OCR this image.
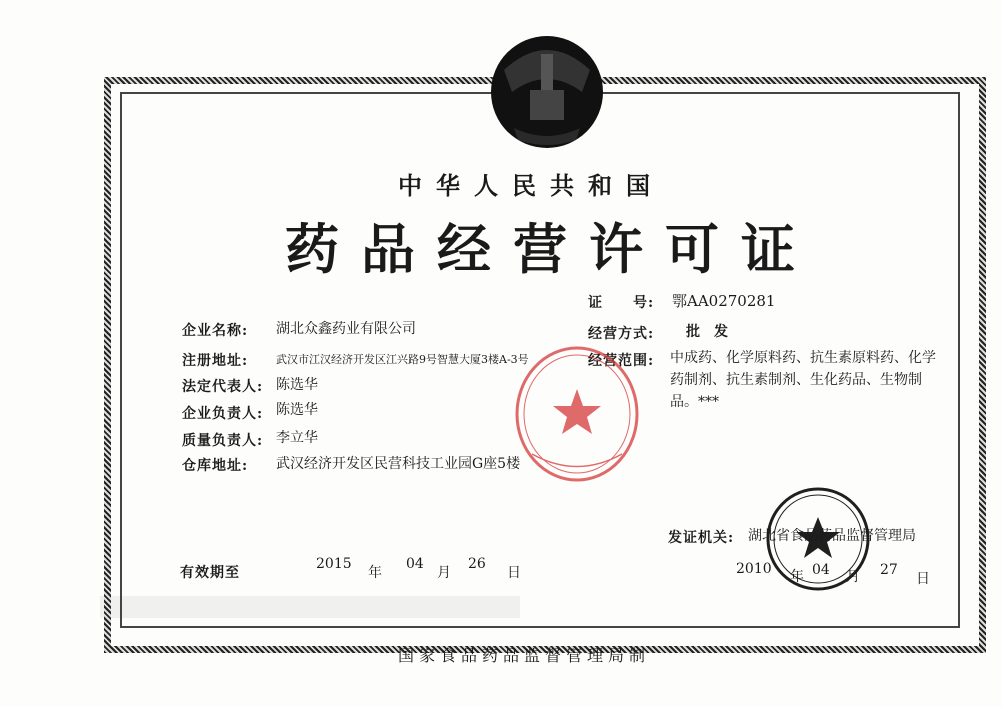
中华人民共和国
药品经营许可证
证　　号: 鄂AA0270281
企业名称: 湖北众鑫药业有限公司
注册地址:	武汉市江汉经济开发区江兴路9号智慧大厦3楼A-3号
法定代表人: 陈选华
企业负责人: 陈选华
质量负责人: 李立华
仓库地址: 武汉经济开发区民营科技工业园G座5楼
经营方式: 批　发
经营范围: 中成药、化学原料药、抗生素原料药、化学药制剂、抗生素制剂、生化药品、生物制品。***
有效期至
2015
年
04
月
26
日
发证机关: 湖北省食品药品监督管理局
2010 年 04 月 27
日
国家食品药品监督管理局制
